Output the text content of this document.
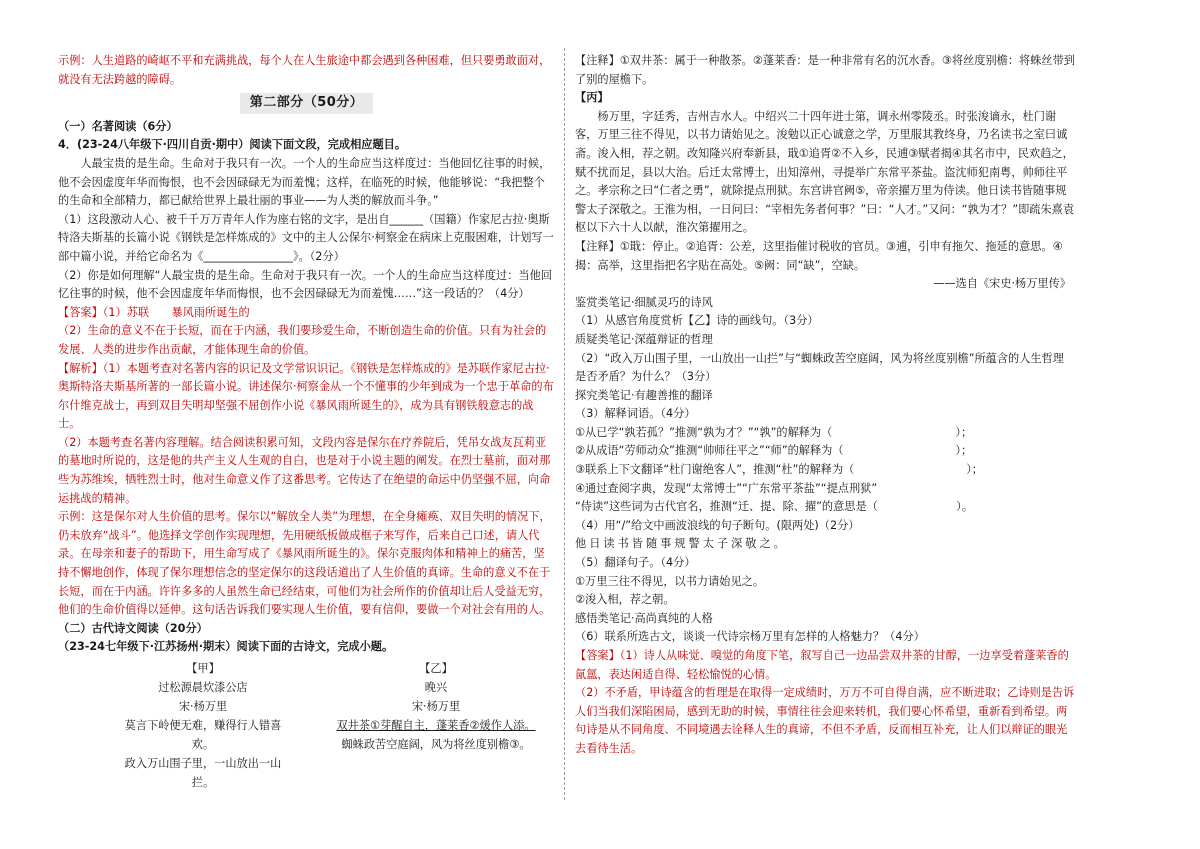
示例：人生道路的崎岖不平和充满挑战，每个人在人生旅途中都会遇到各种困难，但只要勇敢面对，就没有无法跨越的障碍。

第二部分（50分）

（一）名著阅读（6分）

4．(23-24八年级下·四川自贡·期中）阅读下面文段，完成相应题目。

人最宝贵的是生命。生命对于我只有一次。一个人的生命应当这样度过：当他回忆往事的时候，他不会因虚度年华而悔恨，也不会因碌碌无为而羞愧；这样，在临死的时候，他能够说：“我把整个的生命和全部精力，都已献给世界上最壮丽的事业——为人类的解放而斗争。”

（1）这段激动人心、被千千万万青年人作为座右铭的文字，是出自______（国籍）作家尼古拉·奥斯特洛夫斯基的长篇小说《钢铁是怎样炼成的》文中的主人公保尔·柯察金在病床上克服困难，计划写一部中篇小说，并给它命名为《________________》。（2分）

（2）你是如何理解“人最宝贵的是生命。生命对于我只有一次。一个人的生命应当这样度过：当他回忆往事的时候，他不会因虚度年华而悔恨，也不会因碌碌无为而羞愧……”这一段话的？（4分）

【答案】（1）苏联　　暴风雨所诞生的

（2）生命的意义不在于长短，而在于内涵，我们要珍爱生命，不断创造生命的价值。只有为社会的发展、人类的进步作出贡献，才能体现生命的价值。

【解析】（1）本题考查对名著内容的识记及文学常识识记。《钢铁是怎样炼成的》是苏联作家尼古拉·奥斯特洛夫斯基所著的一部长篇小说。讲述保尔·柯察金从一个不懂事的少年到成为一个忠于革命的布尔什维克战士，再到双目失明却坚强不屈创作小说《暴风雨所诞生的》，成为具有钢铁般意志的战士。

（2）本题考查名著内容理解。结合阅读积累可知，文段内容是保尔在疗养院后，凭吊女战友瓦莉亚的墓地时所说的，这是他的共产主义人生观的自白，也是对于小说主题的阐发。在烈士墓前，面对那些为苏维埃，牺牲烈士时，他对生命意义作了这番思考。它传达了在绝望的命运中仍坚强不屈，向命运挑战的精神。

示例：这是保尔对人生价值的思考。保尔以“解放全人类”为理想，在全身瘫痪、双目失明的情况下，仍未放弃“战斗”。他选择文学创作实现理想，先用硬纸板做成框子来写作，后来自己口述，请人代录。在母亲和妻子的帮助下，用生命写成了《暴风雨所诞生的》。保尔克服肉体和精神上的痛苦，坚持不懈地创作，体现了保尔理想信念的坚定保尔的这段话道出了人生价值的真谛。生命的意义不在于长短，而在于内涵。许许多多的人虽然生命已经结束，可他们为社会所作的价值却让后人受益无穷，他们的生命价值得以延伸。这句话告诉我们要实现人生价值，要有信仰，要做一个对社会有用的人。

（二）古代诗文阅读（20分）

（23-24七年级下·江苏扬州·期末）阅读下面的古诗文，完成小题。

【甲】

过松源晨炊漆公店

宋·杨万里

莫言下岭便无难，赚得行人错喜欢。

政入万山围子里，一山放出一山拦。

【乙】

晚兴

宋·杨万里

双井茶①芽醒自主，蓬莱香②煖作人添。

蜘蛛政苦空庭阔，风为将丝度别檐③。

【注释】①双井茶：属于一种散茶。②蓬莱香：是一种非常有名的沉水香。③将丝度别檐：将蛛丝带到了别的屋檐下。

【丙】

杨万里，字廷秀，吉州吉水人。中绍兴二十四年进士第，调永州零陵丞。时张浚谪永，杜门谢客，万里三往不得见，以书力请始见之。浚勉以正心诚意之学，万里服其教终身，乃名读书之室曰诚斋。浚入相，荐之朝。改知隆兴府奉新县，戢①追胥②不入乡，民逋③赋者揭④其名市中，民欢趋之，赋不扰而足，县以大治。后迁太常博士，出知漳州，寻提举广东常平茶盐。盗沈师犯南粤，帅师往平之。孝宗称之曰“仁者之勇”，就除提点刑狱。东宫讲官阙⑤，帝亲擢万里为侍读。他日读书皆随事规警太子深敬之。王淮为相，一日问曰：“宰相先务者何事？”曰：“人才。”又问：“孰为才？”即疏朱熹袁枢以下六十人以献，淮次第擢用之。

【注释】①戢：停止。②追胥：公差，这里指催讨税收的官员。③逋，引申有拖欠、拖延的意思。④揭：高举，这里指把名字贴在高处。⑤阙：同“缺”，空缺。

——选自《宋史·杨万里传》

鉴赏类笔记·细腻灵巧的诗风

（1）从感官角度赏析【乙】诗的画线句。（3分）

质疑类笔记·深蕴辩证的哲理

（2）“政入万山围子里，一山放出一山拦”与“蜘蛛政苦空庭阔，风为将丝度别檐”所蕴含的人生哲理是否矛盾？为什么？（3分）

探究类笔记·有趣善推的翻译

（3）解释词语。（4分）

①从已学“孰若孤？”推测“孰为才？”“孰”的解释为（　　　　　　　　　　　）；

②从成语“劳师动众”推测“帅师往平之”“师”的解释为（　　　　　　　　　　）；

③联系上下文翻译“杜门谢绝客人”，推测“杜”的解释为（　　　　　　　　　　）；

④通过查阅字典，发现“太常博士”“广东常平茶盐”“提点刑狱”

“侍读”这些词为古代官名，推测“迁、提、除、擢”的意思是（　　　　　　　）。

（4）用“/”给文中画波浪线的句子断句。(限两处)（2分）

他日读书皆随事规警太子深敬之。

（5）翻译句子。（4分）

①万里三往不得见，以书力请始见之。

②浚入相，荐之朝。

感悟类笔记·高尚真纯的人格

（6）联系所选古文，谈谈一代诗宗杨万里有怎样的人格魅力？（4分）

【答案】（1）诗人从味觉、嗅觉的角度下笔，叙写自己一边品尝双井茶的甘醇，一边享受着蓬莱香的氤氲，表达闲适自得、轻松愉悦的心情。

（2）不矛盾，甲诗蕴含的哲理是在取得一定成绩时，万万不可自得自满，应不断进取；乙诗则是告诉人们当我们深陷困局，感到无助的时候，事情往往会迎来转机，我们要心怀希望，重新看到希望。两句诗是从不同角度、不同境遇去诠释人生的真谛，不但不矛盾，反而相互补充，让人们以辩证的眼光去看待生活。
